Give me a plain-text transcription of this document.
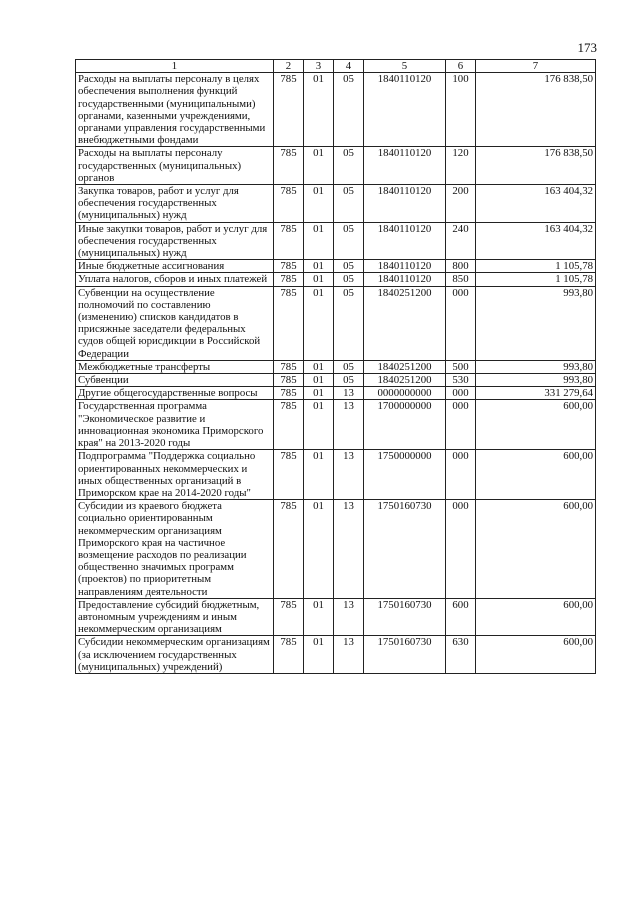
173
1	2	3	4	5	6	7
Расходы на выплаты персоналу в целях обеспечения выполнения функций государственными (муниципальными) органами, казенными учреждениями, органами управления государственными внебюджетными фондами	785	01	05	1840110120	100	176 838,50
Расходы на выплаты персоналу государственных (муниципальных) органов	785	01	05	1840110120	120	176 838,50
Закупка товаров, работ и услуг для обеспечения государственных (муниципальных) нужд	785	01	05	1840110120	200	163 404,32
Иные закупки товаров, работ и услуг для обеспечения государственных (муниципальных) нужд	785	01	05	1840110120	240	163 404,32
Иные бюджетные ассигнования	785	01	05	1840110120	800	1 105,78
Уплата налогов, сборов и иных платежей	785	01	05	1840110120	850	1 105,78
Субвенции на осуществление полномочий по составлению (изменению) списков кандидатов в присяжные заседатели федеральных судов общей юрисдикции в Российской Федерации	785	01	05	1840251200	000	993,80
Межбюджетные трансферты	785	01	05	1840251200	500	993,80
Субвенции	785	01	05	1840251200	530	993,80
Другие общегосударственные вопросы	785	01	13	0000000000	000	331 279,64
Государственная программа "Экономическое развитие и инновационная экономика Приморского края" на 2013-2020 годы	785	01	13	1700000000	000	600,00
Подпрограмма "Поддержка социально ориентированных некоммерческих и иных общественных организаций в Приморском крае на 2014-2020 годы"	785	01	13	1750000000	000	600,00
Субсидии из краевого бюджета социально ориентированным некоммерческим организациям Приморского края на частичное возмещение расходов по реализации общественно значимых программ (проектов) по приоритетным направлениям деятельности	785	01	13	1750160730	000	600,00
Предоставление субсидий бюджетным, автономным учреждениям и иным некоммерческим организациям	785	01	13	1750160730	600	600,00
Субсидии некоммерческим организациям (за исключением государственных (муниципальных) учреждений)	785	01	13	1750160730	630	600,00
